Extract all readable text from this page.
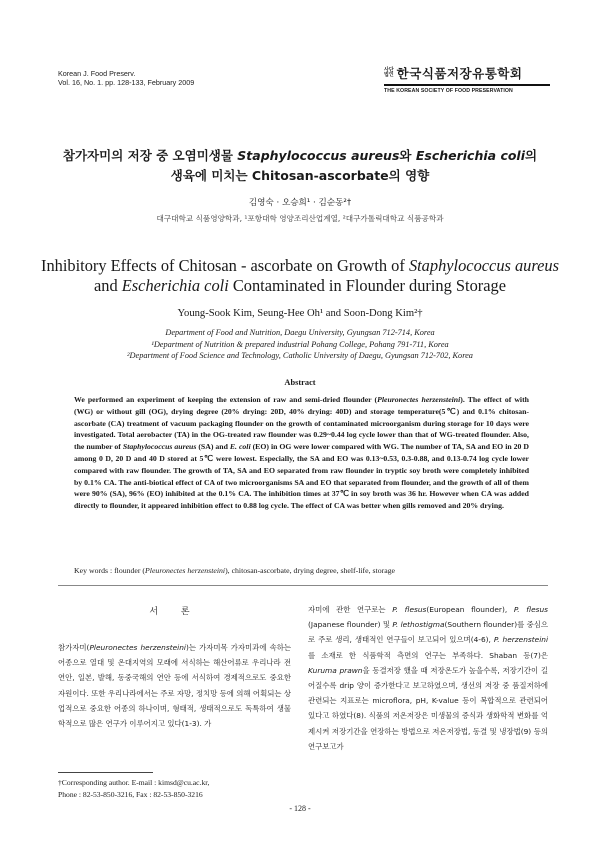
Korean J. Food Preserv.
Vol. 16, No. 1. pp. 128-133, February 2009
사단
법인 한국식품저장유통학회
THE KOREAN SOCIETY OF FOOD PRESERVATION
참가자미의 저장 중 오염미생물 Staphylococcus aureus와 Escherichia coli의
생육에 미치는 Chitosan-ascorbate의 영향
김영숙 · 오승희¹ · 김순동²†
대구대학교 식품영양학과, ¹포항대학 영양조리산업계열, ²대구가톨릭대학교 식품공학과
Inhibitory Effects of Chitosan - ascorbate on Growth of Staphylococcus aureus and Escherichia coli Contaminated in Flounder during Storage
Young-Sook Kim, Seung-Hee Oh¹ and Soon-Dong Kim²†
Department of Food and Nutrition, Daegu University, Gyungsan 712-714, Korea
¹Department of Nutrition & prepared industrial Pohang College, Pohang 791-711, Korea
²Department of Food Science and Technology, Catholic University of Daegu, Gyungsan 712-702, Korea
Abstract
We performed an experiment of keeping the extension of raw and semi-dried flounder (Pleuronectes herzensteini). The effect of with (WG) or without gill (OG), drying degree (20% drying: 20D, 40% drying: 40D) and storage temperature(5℃) and 0.1% chitosan-ascorbate (CA) treatment of vacuum packaging flounder on the growth of contaminated microorganism during storage for 10 days were investigated. Total aerobacter (TA) in the OG-treated raw flounder was 0.29~0.44 log cycle lower than that of WG-treated flounder. Also, the number of Staphylococcus aureus (SA) and E. coli (EO) in OG were lower compared with WG. The number of TA, SA and EO in 20 D among 0 D, 20 D and 40 D stored at 5℃ were lowest. Especially, the SA and EO was 0.13~0.53, 0.3-0.88, and 0.13-0.74 log cycle lower compared with raw flounder. The growth of TA, SA and EO separated from raw flounder in tryptic soy broth were completely inhibited by 0.1% CA. The anti-biotical effect of CA of two microorganisms SA and EO that separated from flounder, and the growth of all of them were 90% (SA), 96% (EO) inhibited at the 0.1% CA. The inhibition times at 37℃ in soy broth was 36 hr. However when CA was added directly to flounder, it appeared inhibition effect to 0.88 log cycle. The effect of CA was better when gills removed and 20% drying.
Key words : flounder (Pleuronectes herzensteini), chitosan-ascorbate, drying degree, shelf-life, storage
서 론
참가자미(Pleuronectes herzensteini)는 가자미목 가자미과에 속하는 어종으로 열대 및 온대지역의 모래에 서식하는 해산어류로 우리나라 전 연안, 일본, 발해, 동중국해의 연안 등에 서식하여 경제적으로도 중요한 자원이다. 또한 우리나라에서는 주로 자망, 정치망 등에 의해 어획되는 상업적으로 중요한 어종의 하나이며, 형태적, 생태적으로도 독특하여 생물학적으로 많은 연구가 이루어지고 있다(1-3). 가
자미에 관한 연구로는 P. flesus(European flounder), P. flesus (Japanese flounder) 및 P. lethostigma(Southern flounder)를 중심으로 주로 생리, 생태적인 연구들이 보고되어 있으며(4-6), P. herzensteini를 소재로 한 식품학적 측면의 연구는 부족하다. Shaban 등(7)은 Kuruma prawn을 동결저장 했을 때 저장온도가 높을수록, 저장기간이 길어질수록 drip 양이 증가한다고 보고하였으며, 생선의 저장 중 품질저하에 관련되는 지표로는 microflora, pH, K-value 등이 복합적으로 관련되어 있다고 하였다(8). 식품의 저온저장은 미생물의 증식과 생화학적 변화를 억제시켜 저장기간을 연장하는 방법으로 저온저장법, 동결 및 냉장법(9) 등의 연구보고가
†Corresponding author. E-mail : kimsd@cu.ac.kr,
Phone : 82-53-850-3216, Fax : 82-53-850-3216
- 128 -
